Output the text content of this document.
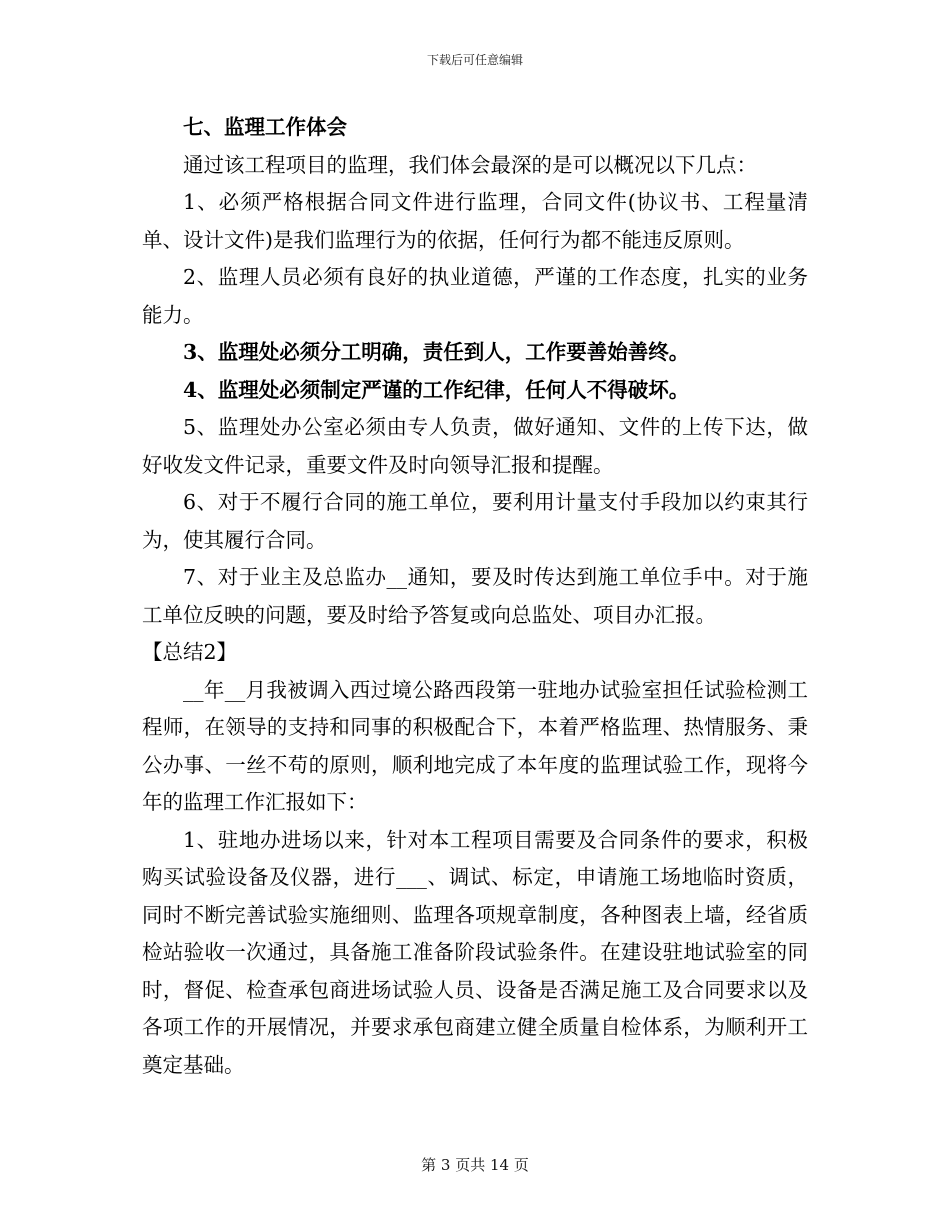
下载后可任意编辑

七、监理工作体会

通过该工程项目的监理，我们体会最深的是可以概况以下几点：

1、必须严格根据合同文件进行监理，合同文件(协议书、工程量清单、设计文件)是我们监理行为的依据，任何行为都不能违反原则。

2、监理人员必须有良好的执业道德，严谨的工作态度，扎实的业务能力。

3、监理处必须分工明确，责任到人，工作要善始善终。

4、监理处必须制定严谨的工作纪律，任何人不得破坏。

5、监理处办公室必须由专人负责，做好通知、文件的上传下达，做好收发文件记录，重要文件及时向领导汇报和提醒。

6、对于不履行合同的施工单位，要利用计量支付手段加以约束其行为，使其履行合同。

7、对于业主及总监办__通知，要及时传达到施工单位手中。对于施工单位反映的问题，要及时给予答复或向总监处、项目办汇报。

【总结2】

__年__月我被调入西过境公路西段第一驻地办试验室担任试验检测工程师，在领导的支持和同事的积极配合下，本着严格监理、热情服务、秉公办事、一丝不苟的原则，顺利地完成了本年度的监理试验工作，现将今年的监理工作汇报如下：

1、驻地办进场以来，针对本工程项目需要及合同条件的要求，积极购买试验设备及仪器，进行___、调试、标定，申请施工场地临时资质，同时不断完善试验实施细则、监理各项规章制度，各种图表上墙，经省质检站验收一次通过，具备施工准备阶段试验条件。在建设驻地试验室的同时，督促、检查承包商进场试验人员、设备是否满足施工及合同要求以及各项工作的开展情况，并要求承包商建立健全质量自检体系，为顺利开工奠定基础。

第 3 页共 14 页
